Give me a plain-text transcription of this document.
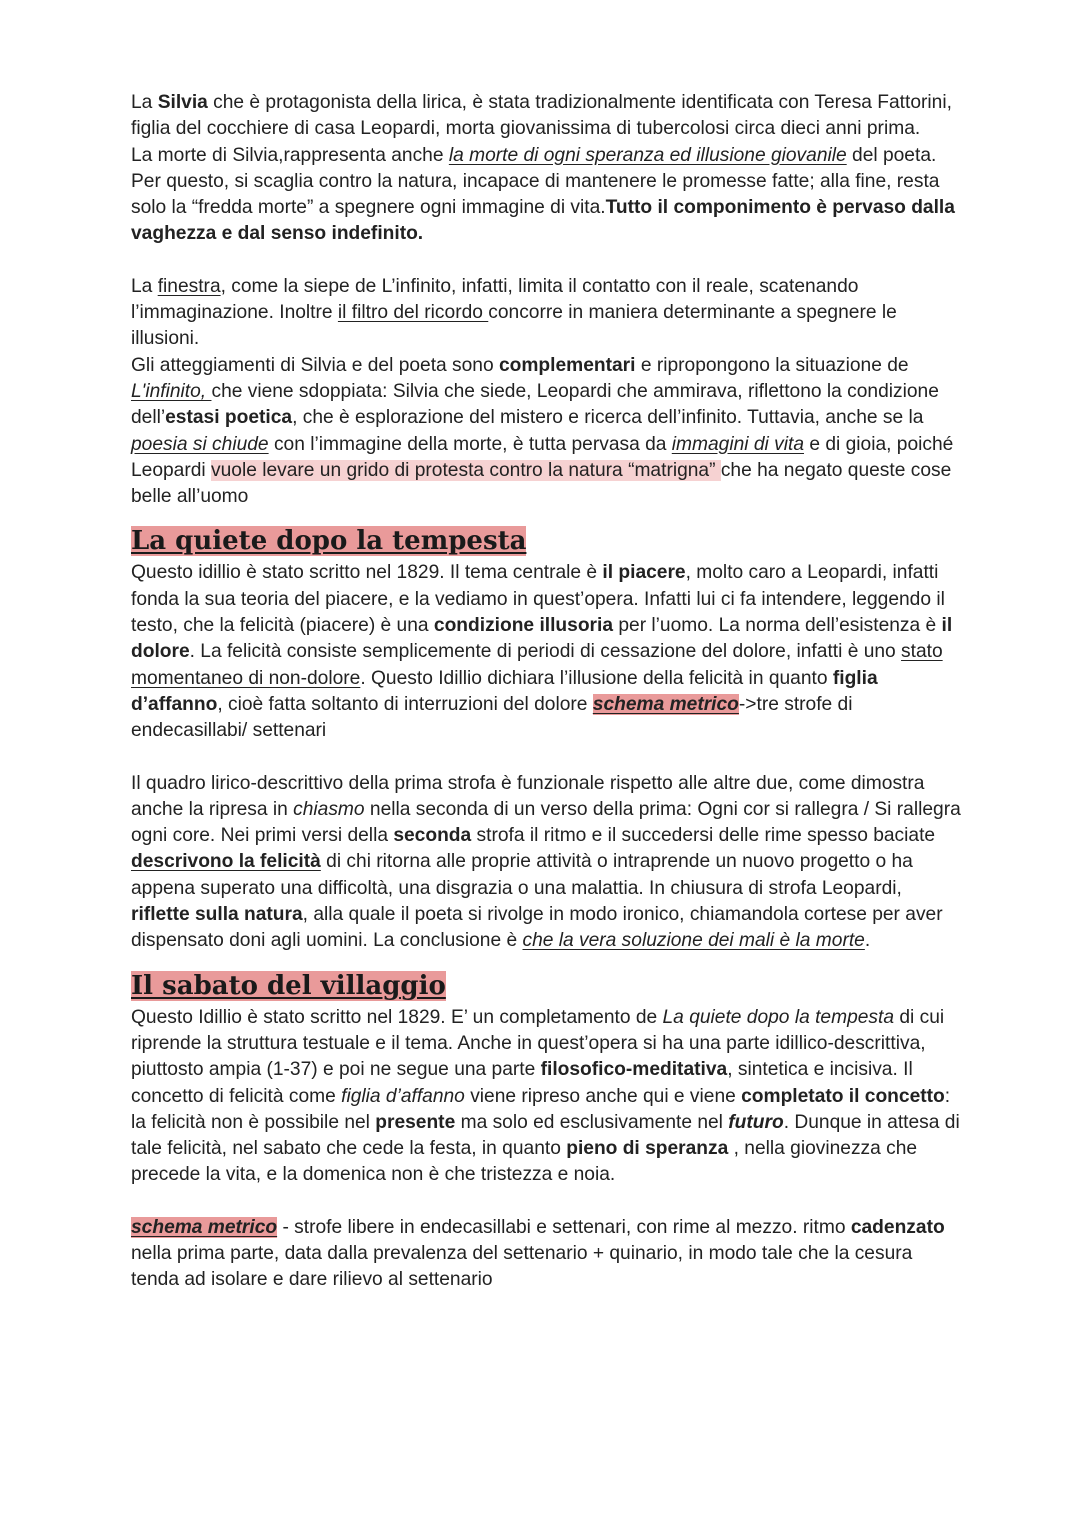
La Silvia che è protagonista della lirica, è stata tradizionalmente identificata con Teresa Fattorini, figlia del cocchiere di casa Leopardi, morta giovanissima di tubercolosi circa dieci anni prima.

La morte di Silvia,rappresenta anche la morte di ogni speranza ed illusione giovanile del poeta. Per questo, si scaglia contro la natura, incapace di mantenere le promesse fatte; alla fine, resta solo la “fredda morte” a spegnere ogni immagine di vita.Tutto il componimento è pervaso dalla vaghezza e dal senso indefinito.

La finestra, come la siepe de L’infinito, infatti, limita il contatto con il reale, scatenando l’immaginazione. Inoltre il filtro del ricordo concorre in maniera determinante a spegnere le illusioni.

Gli atteggiamenti di Silvia e del poeta sono complementari e ripropongono la situazione de L'infinito, che viene sdoppiata: Silvia che siede, Leopardi che ammirava, riflettono la condizione dell’estasi poetica, che è esplorazione del mistero e ricerca dell’infinito. Tuttavia, anche se la poesia si chiude con l’immagine della morte, è tutta pervasa da immagini di vita e di gioia, poiché Leopardi vuole levare un grido di protesta contro la natura “matrigna” che ha negato queste cose belle all’uomo

La quiete dopo la tempesta

Questo idillio è stato scritto nel 1829. Il tema centrale è il piacere, molto caro a Leopardi, infatti fonda la sua teoria del piacere, e la vediamo in quest’opera. Infatti lui ci fa intendere, leggendo il testo, che la felicità (piacere) è una condizione illusoria per l’uomo. La norma dell’esistenza è il dolore. La felicità consiste semplicemente di periodi di cessazione del dolore, infatti è uno stato momentaneo di non-dolore. Questo Idillio dichiara l’illusione della felicità in quanto figlia d’affanno, cioè fatta soltanto di interruzioni del dolore schema metrico->tre strofe di endecasillabi/ settenari

Il quadro lirico-descrittivo della prima strofa è funzionale rispetto alle altre due, come dimostra anche la ripresa in chiasmo nella seconda di un verso della prima: Ogni cor si rallegra / Si rallegra ogni core. Nei primi versi della seconda strofa il ritmo e il succedersi delle rime spesso baciate descrivono la felicità di chi ritorna alle proprie attività o intraprende un nuovo progetto o ha appena superato una difficoltà, una disgrazia o una malattia. In chiusura di strofa Leopardi, riflette sulla natura, alla quale il poeta si rivolge in modo ironico, chiamandola cortese per aver dispensato doni agli uomini. La conclusione è che la vera soluzione dei mali è la morte.

Il sabato del villaggio

Questo Idillio è stato scritto nel 1829. E’ un completamento de La quiete dopo la tempesta di cui riprende la struttura testuale e il tema. Anche in quest’opera si ha una parte idillico-descrittiva, piuttosto ampia (1-37) e poi ne segue una parte filosofico-meditativa, sintetica e incisiva. Il concetto di felicità come figlia d’affanno viene ripreso anche qui e viene completato il concetto: la felicità non è possibile nel presente ma solo ed esclusivamente nel futuro. Dunque in attesa di tale felicità, nel sabato che cede la festa, in quanto pieno di speranza , nella giovinezza che precede la vita, e la domenica non è che tristezza e noia.

schema metrico - strofe libere in endecasillabi e settenari, con rime al mezzo. ritmo cadenzato nella prima parte, data dalla prevalenza del settenario + quinario, in modo tale che la cesura tenda ad isolare e dare rilievo al settenario
